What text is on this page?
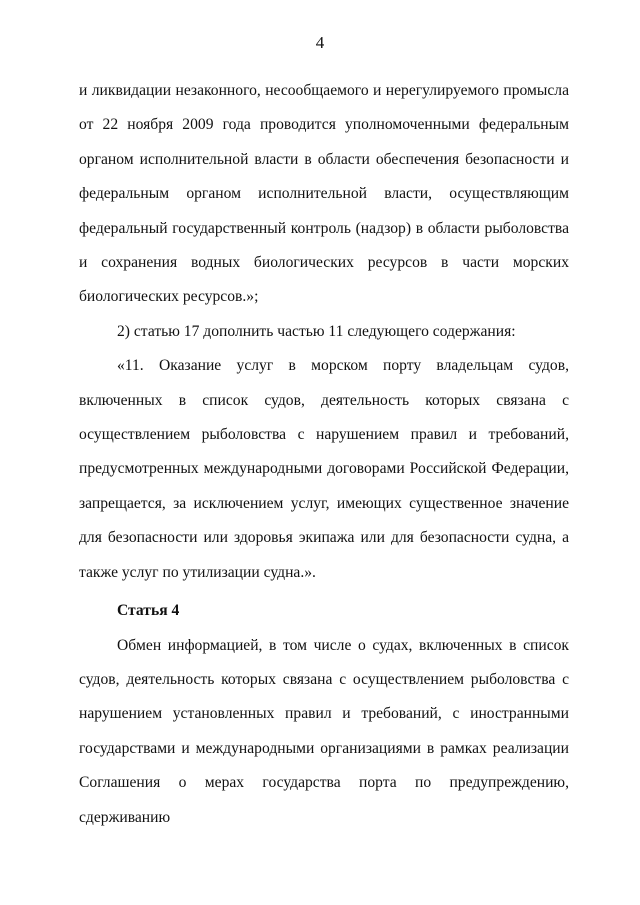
4

и ликвидации незаконного, несообщаемого и нерегулируемого промысла от 22 ноября 2009 года проводится уполномоченными федеральным органом исполнительной власти в области обеспечения безопасности и федеральным органом исполнительной власти, осуществляющим федеральный государственный контроль (надзор) в области рыболовства и сохранения водных биологических ресурсов в части морских биологических ресурсов.»;

2) статью 17 дополнить частью 11 следующего содержания:

«11. Оказание услуг в морском порту владельцам судов, включенных в список судов, деятельность которых связана с осуществлением рыболовства с нарушением правил и требований, предусмотренных международными договорами Российской Федерации, запрещается, за исключением услуг, имеющих существенное значение для безопасности или здоровья экипажа или для безопасности судна, а также услуг по утилизации судна.».

Статья 4

Обмен информацией, в том числе о судах, включенных в список судов, деятельность которых связана с осуществлением рыболовства с нарушением установленных правил и требований, с иностранными государствами и международными организациями в рамках реализации Соглашения о мерах государства порта по предупреждению, сдерживанию
